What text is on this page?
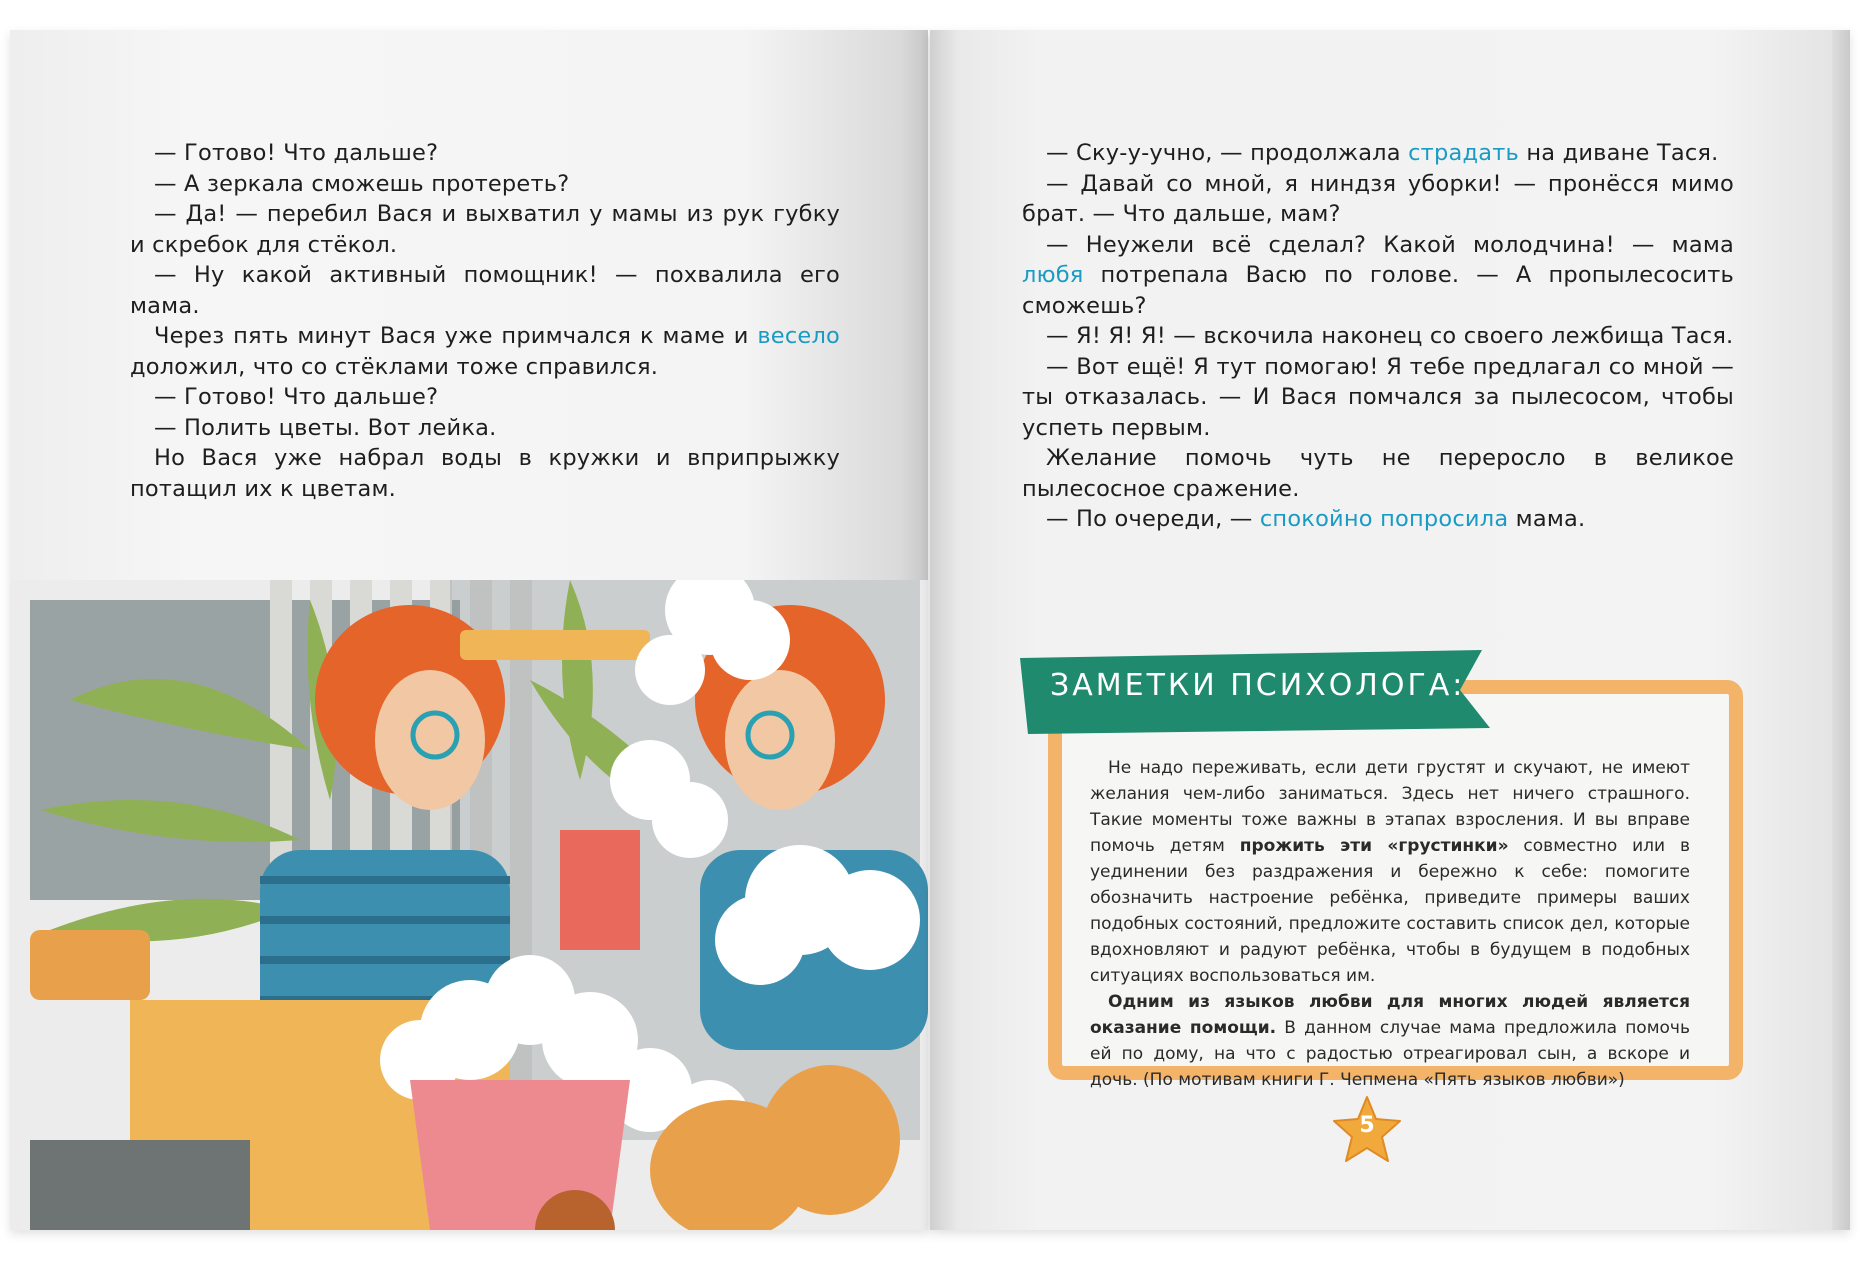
— Готово! Что дальше?

— А зеркала сможешь протереть?

— Да! — перебил Вася и выхватил у мамы из рук губку и скребок для стёкол.

— Ну какой активный помощник! — похвалила его мама.

Через пять минут Вася уже примчался к маме и весело доложил, что со стёклами тоже справился.

— Готово! Что дальше?

— Полить цветы. Вот лейка.

Но Вася уже набрал воды в кружки и вприпрыжку потащил их к цветам.

— Ску-у-учно, — продолжала страдать на диване Тася.

— Давай со мной, я ниндзя уборки! — пронёсся мимо брат. — Что дальше, мам?

— Неужели всё сделал? Какой молодчина! — мама любя потрепала Васю по голове. — А пропылесосить сможешь?

— Я! Я! Я! — вскочила наконец со своего лежбища Тася.

— Вот ещё! Я тут помогаю! Я тебе предлагал со мной — ты отказалась. — И Вася помчался за пылесосом, чтобы успеть первым.

Желание помочь чуть не переросло в великое пылесосное сражение.

— По очереди, — спокойно попросила мама.

ЗАМЕТКИ ПСИХОЛОГА:

Не надо переживать, если дети грустят и скучают, не имеют желания чем-либо заниматься. Здесь нет ничего страшного. Такие моменты тоже важны в этапах взросления. И вы вправе помочь детям прожить эти «грустинки» совместно или в уединении без раздражения и бережно к себе: помогите обозначить настроение ребёнка, приведите примеры ваших подобных состояний, предложите составить список дел, которые вдохновляют и радуют ребёнка, чтобы в будущем в подобных ситуациях воспользоваться им.

Одним из языков любви для многих людей является оказание помощи. В данном случае мама предложила помочь ей по дому, на что с радостью отреагировал сын, а вскоре и дочь. (По мотивам книги Г. Чепмена «Пять языков любви»)

5
